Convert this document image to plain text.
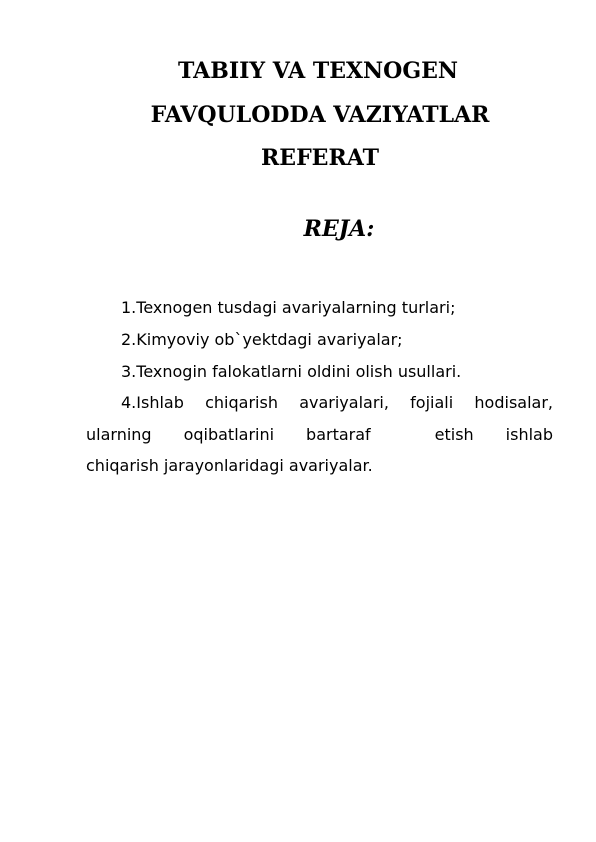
TABIIY VA TEXNOGEN
FAVQULODDA VAZIYATLAR
REFERAT
REJA:
1.Texnogen tusdagi avariyalarning turlari;
2.Kimyoviy ob`yektdagi avariyalar;
3.Texnogin falokatlarni oldini olish usullari.
4.Ishlab chiqarish avariyalari, fojiali hodisalar,
ularning oqibatlarini bartaraf	etish ishlab
chiqarish jarayonlaridagi avariyalar.
